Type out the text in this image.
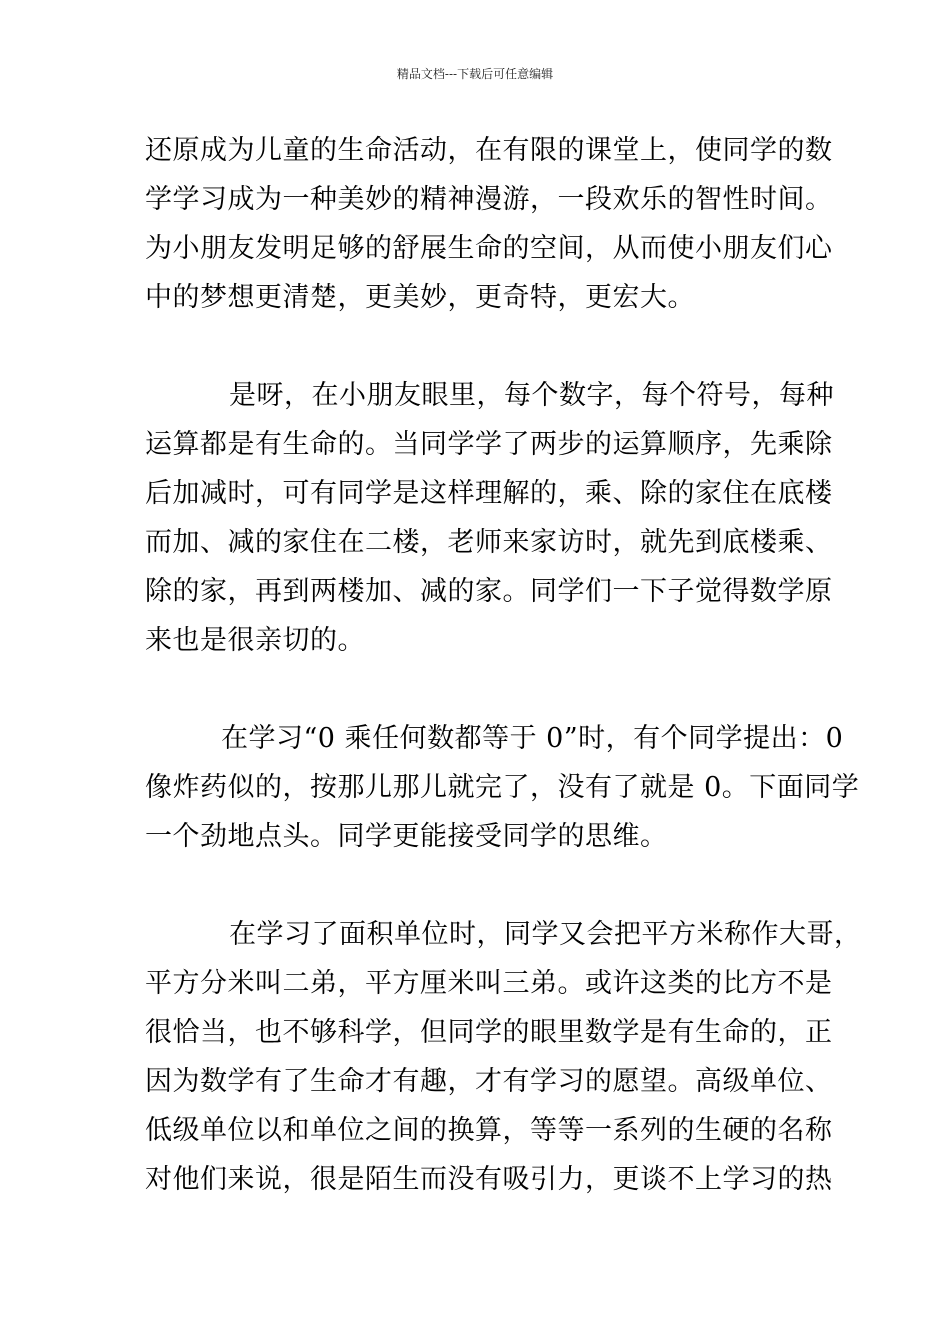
精品文档---下载后可任意编辑
还原成为儿童的生命活动，在有限的课堂上，使同学的数
学学习成为一种美妙的精神漫游，一段欢乐的智性时间。
为小朋友发明足够的舒展生命的空间，从而使小朋友们心
中的梦想更清楚，更美妙，更奇特，更宏大。
是呀，在小朋友眼里，每个数字，每个符号，每种
运算都是有生命的。当同学学了两步的运算顺序，先乘除
后加减时，可有同学是这样理解的，乘、除的家住在底楼
而加、减的家住在二楼，老师来家访时，就先到底楼乘、
除的家，再到两楼加、减的家。同学们一下子觉得数学原
来也是很亲切的。
在学习“0 乘任何数都等于 0”时，有个同学提出：0
像炸药似的，按那儿那儿就完了，没有了就是 0。下面同学
一个劲地点头。同学更能接受同学的思维。
在学习了面积单位时，同学又会把平方米称作大哥，
平方分米叫二弟，平方厘米叫三弟。或许这类的比方不是
很恰当，也不够科学，但同学的眼里数学是有生命的，正
因为数学有了生命才有趣，才有学习的愿望。高级单位、
低级单位以和单位之间的换算，等等一系列的生硬的名称
对他们来说，很是陌生而没有吸引力，更谈不上学习的热
